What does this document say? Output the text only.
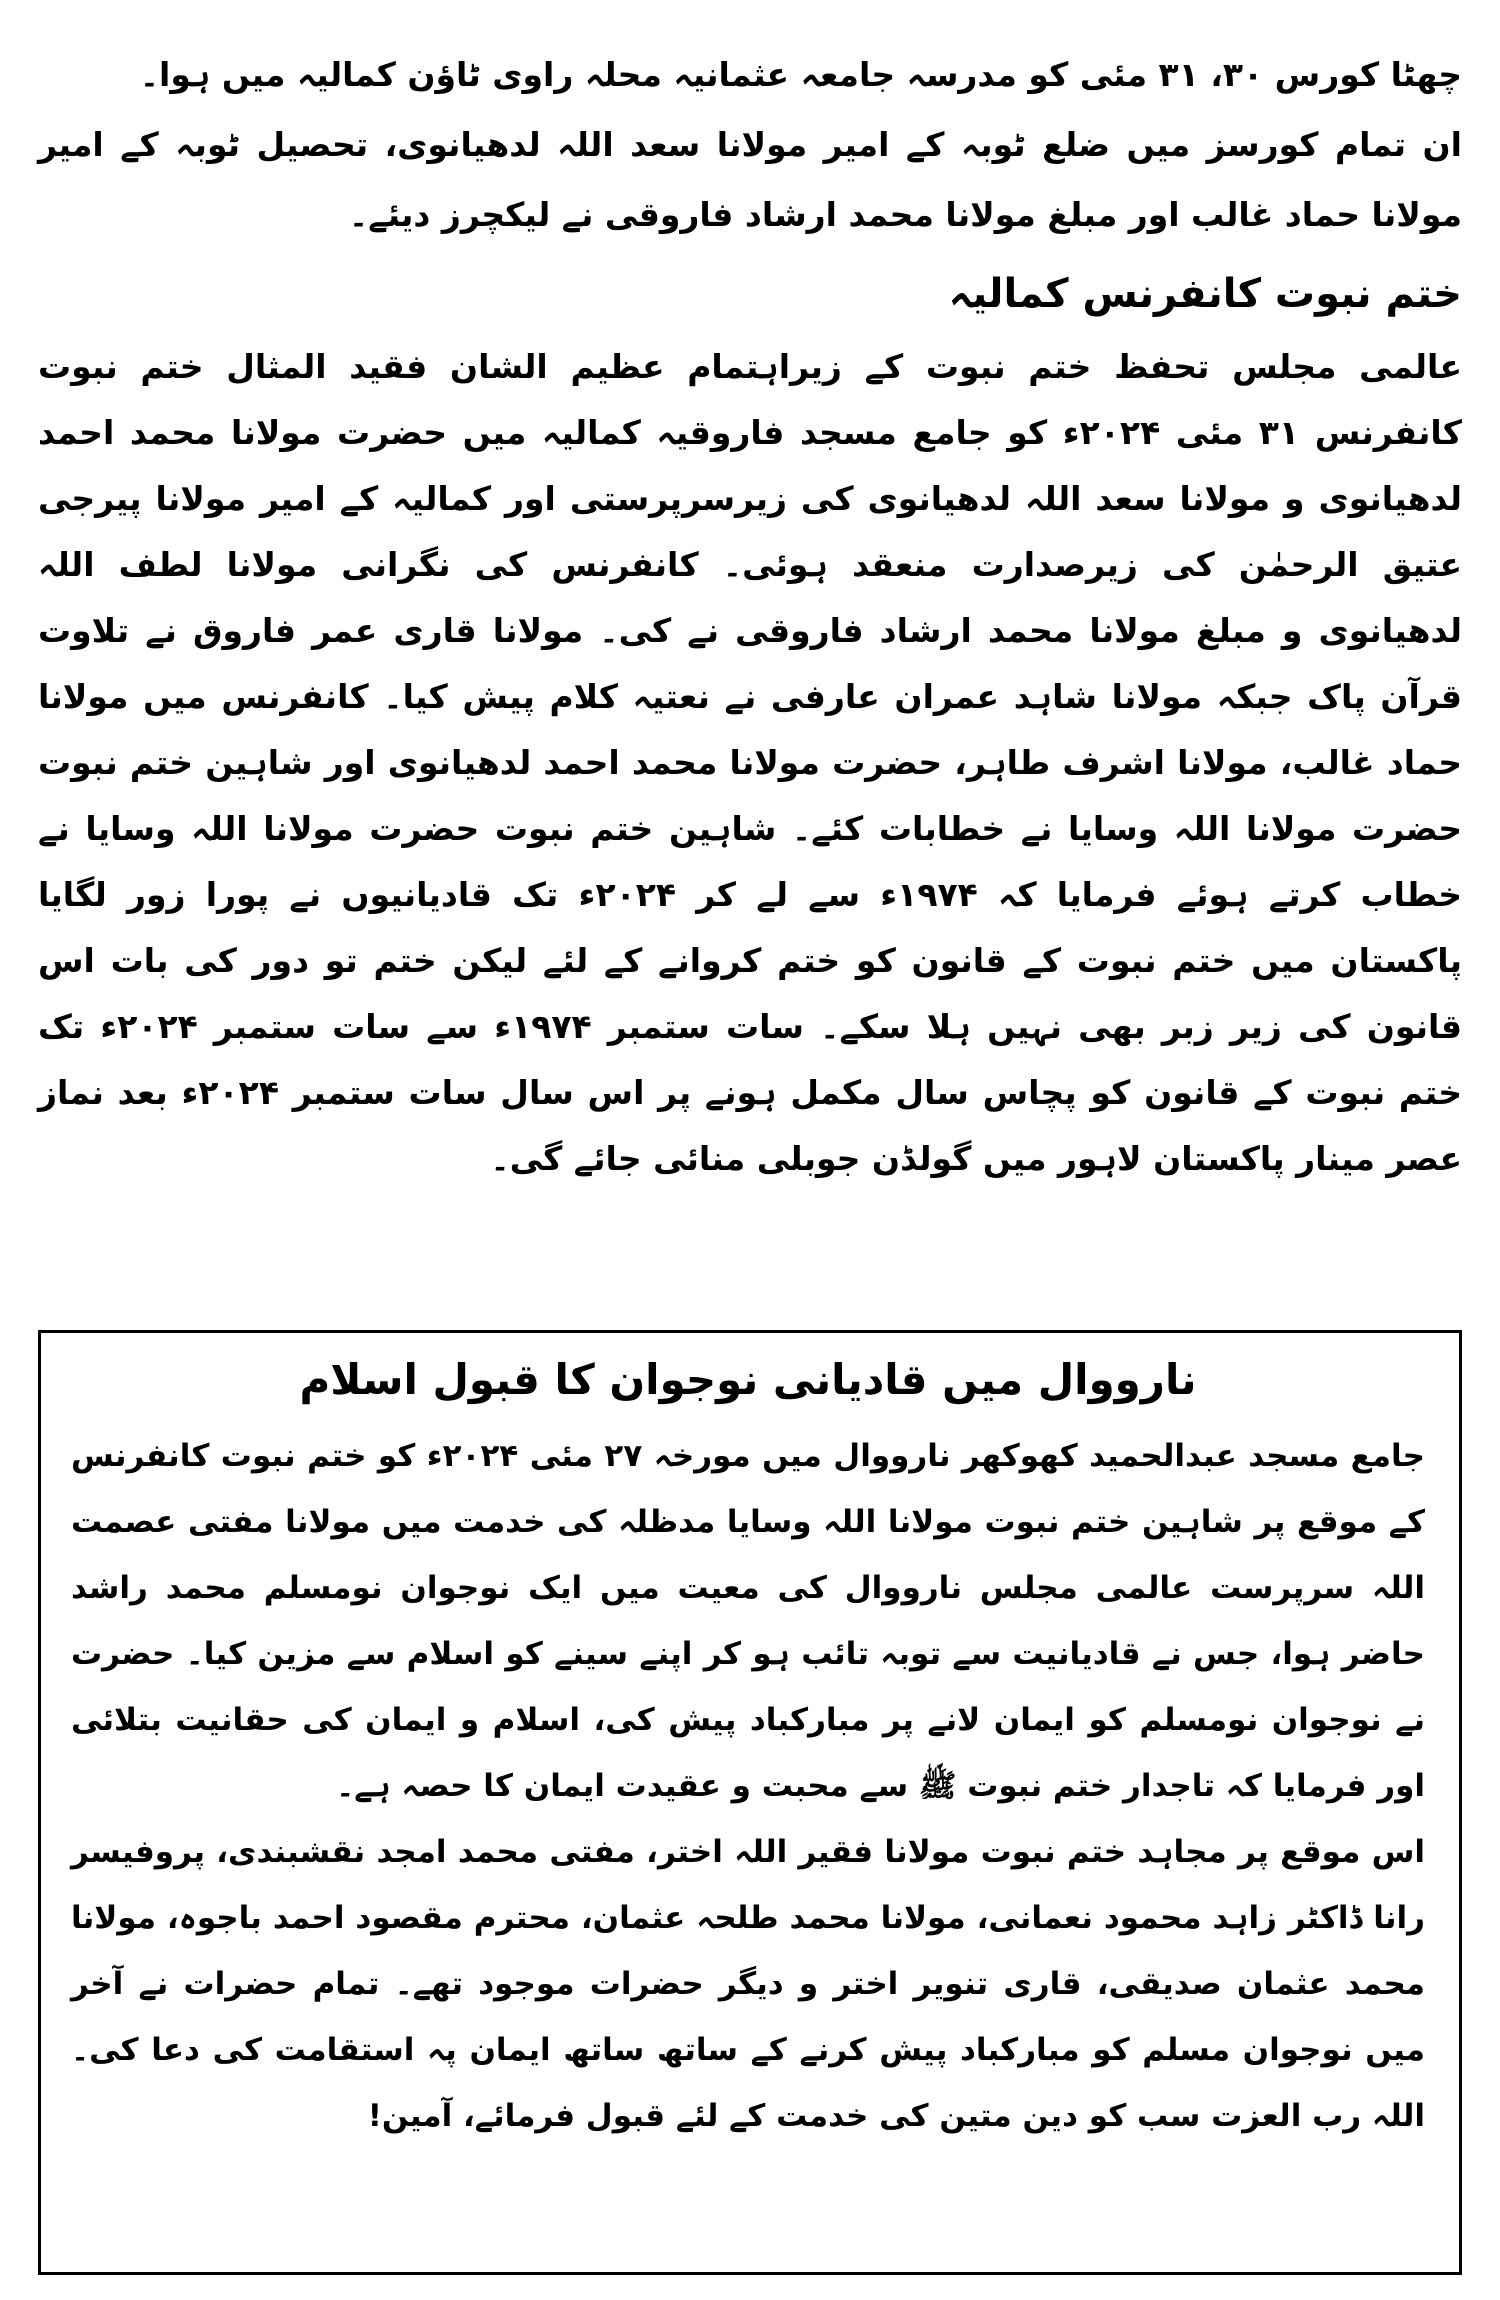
چھٹا کورس ۳۰، ۳۱ مئی کو مدرسہ جامعہ عثمانیہ محلہ راوی ٹاؤن کمالیہ میں ہوا۔

ان تمام کورسز میں ضلع ٹوبہ کے امیر مولانا سعد اللہ لدھیانوی، تحصیل ٹوبہ کے امیر مولانا حماد غالب اور مبلغ مولانا محمد ارشاد فاروقی نے لیکچرز دیئے۔

ختم نبوت کانفرنس کمالیہ

عالمی مجلس تحفظ ختم نبوت کے زیراہتمام عظیم الشان فقید المثال ختم نبوت کانفرنس ۳۱ مئی ۲۰۲۴ء کو جامع مسجد فاروقیہ کمالیہ میں حضرت مولانا محمد احمد لدھیانوی و مولانا سعد اللہ لدھیانوی کی زیرسرپرستی اور کمالیہ کے امیر مولانا پیرجی عتیق الرحمٰن کی زیرصدارت منعقد ہوئی۔ کانفرنس کی نگرانی مولانا لطف اللہ لدھیانوی و مبلغ مولانا محمد ارشاد فاروقی نے کی۔ مولانا قاری عمر فاروق نے تلاوت قرآن پاک جبکہ مولانا شاہد عمران عارفی نے نعتیہ کلام پیش کیا۔ کانفرنس میں مولانا حماد غالب، مولانا اشرف طاہر، حضرت مولانا محمد احمد لدھیانوی اور شاہین ختم نبوت حضرت مولانا اللہ وسایا نے خطابات کئے۔ شاہین ختم نبوت حضرت مولانا اللہ وسایا نے خطاب کرتے ہوئے فرمایا کہ ۱۹۷۴ء سے لے کر ۲۰۲۴ء تک قادیانیوں نے پورا زور لگایا پاکستان میں ختم نبوت کے قانون کو ختم کروانے کے لئے لیکن ختم تو دور کی بات اس قانون کی زیر زبر بھی نہیں ہلا سکے۔ سات ستمبر ۱۹۷۴ء سے سات ستمبر ۲۰۲۴ء تک ختم نبوت کے قانون کو پچاس سال مکمل ہونے پر اس سال سات ستمبر ۲۰۲۴ء بعد نماز عصر مینار پاکستان لاہور میں گولڈن جوبلی منائی جائے گی۔

نارووال میں قادیانی نوجوان کا قبول اسلام

جامع مسجد عبدالحمید کھوکھر نارووال میں مورخہ ۲۷ مئی ۲۰۲۴ء کو ختم نبوت کانفرنس کے موقع پر شاہین ختم نبوت مولانا اللہ وسایا مدظلہ کی خدمت میں مولانا مفتی عصمت اللہ سرپرست عالمی مجلس نارووال کی معیت میں ایک نوجوان نومسلم محمد راشد حاضر ہوا، جس نے قادیانیت سے توبہ تائب ہو کر اپنے سینے کو اسلام سے مزین کیا۔ حضرت نے نوجوان نومسلم کو ایمان لانے پر مبارکباد پیش کی، اسلام و ایمان کی حقانیت بتلائی اور فرمایا کہ تاجدار ختم نبوت ﷺ سے محبت و عقیدت ایمان کا حصہ ہے۔

اس موقع پر مجاہد ختم نبوت مولانا فقیر اللہ اختر، مفتی محمد امجد نقشبندی، پروفیسر رانا ڈاکٹر زاہد محمود نعمانی، مولانا محمد طلحہ عثمان، محترم مقصود احمد باجوہ، مولانا محمد عثمان صدیقی، قاری تنویر اختر و دیگر حضرات موجود تھے۔ تمام حضرات نے آخر میں نوجوان مسلم کو مبارکباد پیش کرنے کے ساتھ ساتھ ایمان پہ استقامت کی دعا کی۔ اللہ رب العزت سب کو دین متین کی خدمت کے لئے قبول فرمائے، آمین!
